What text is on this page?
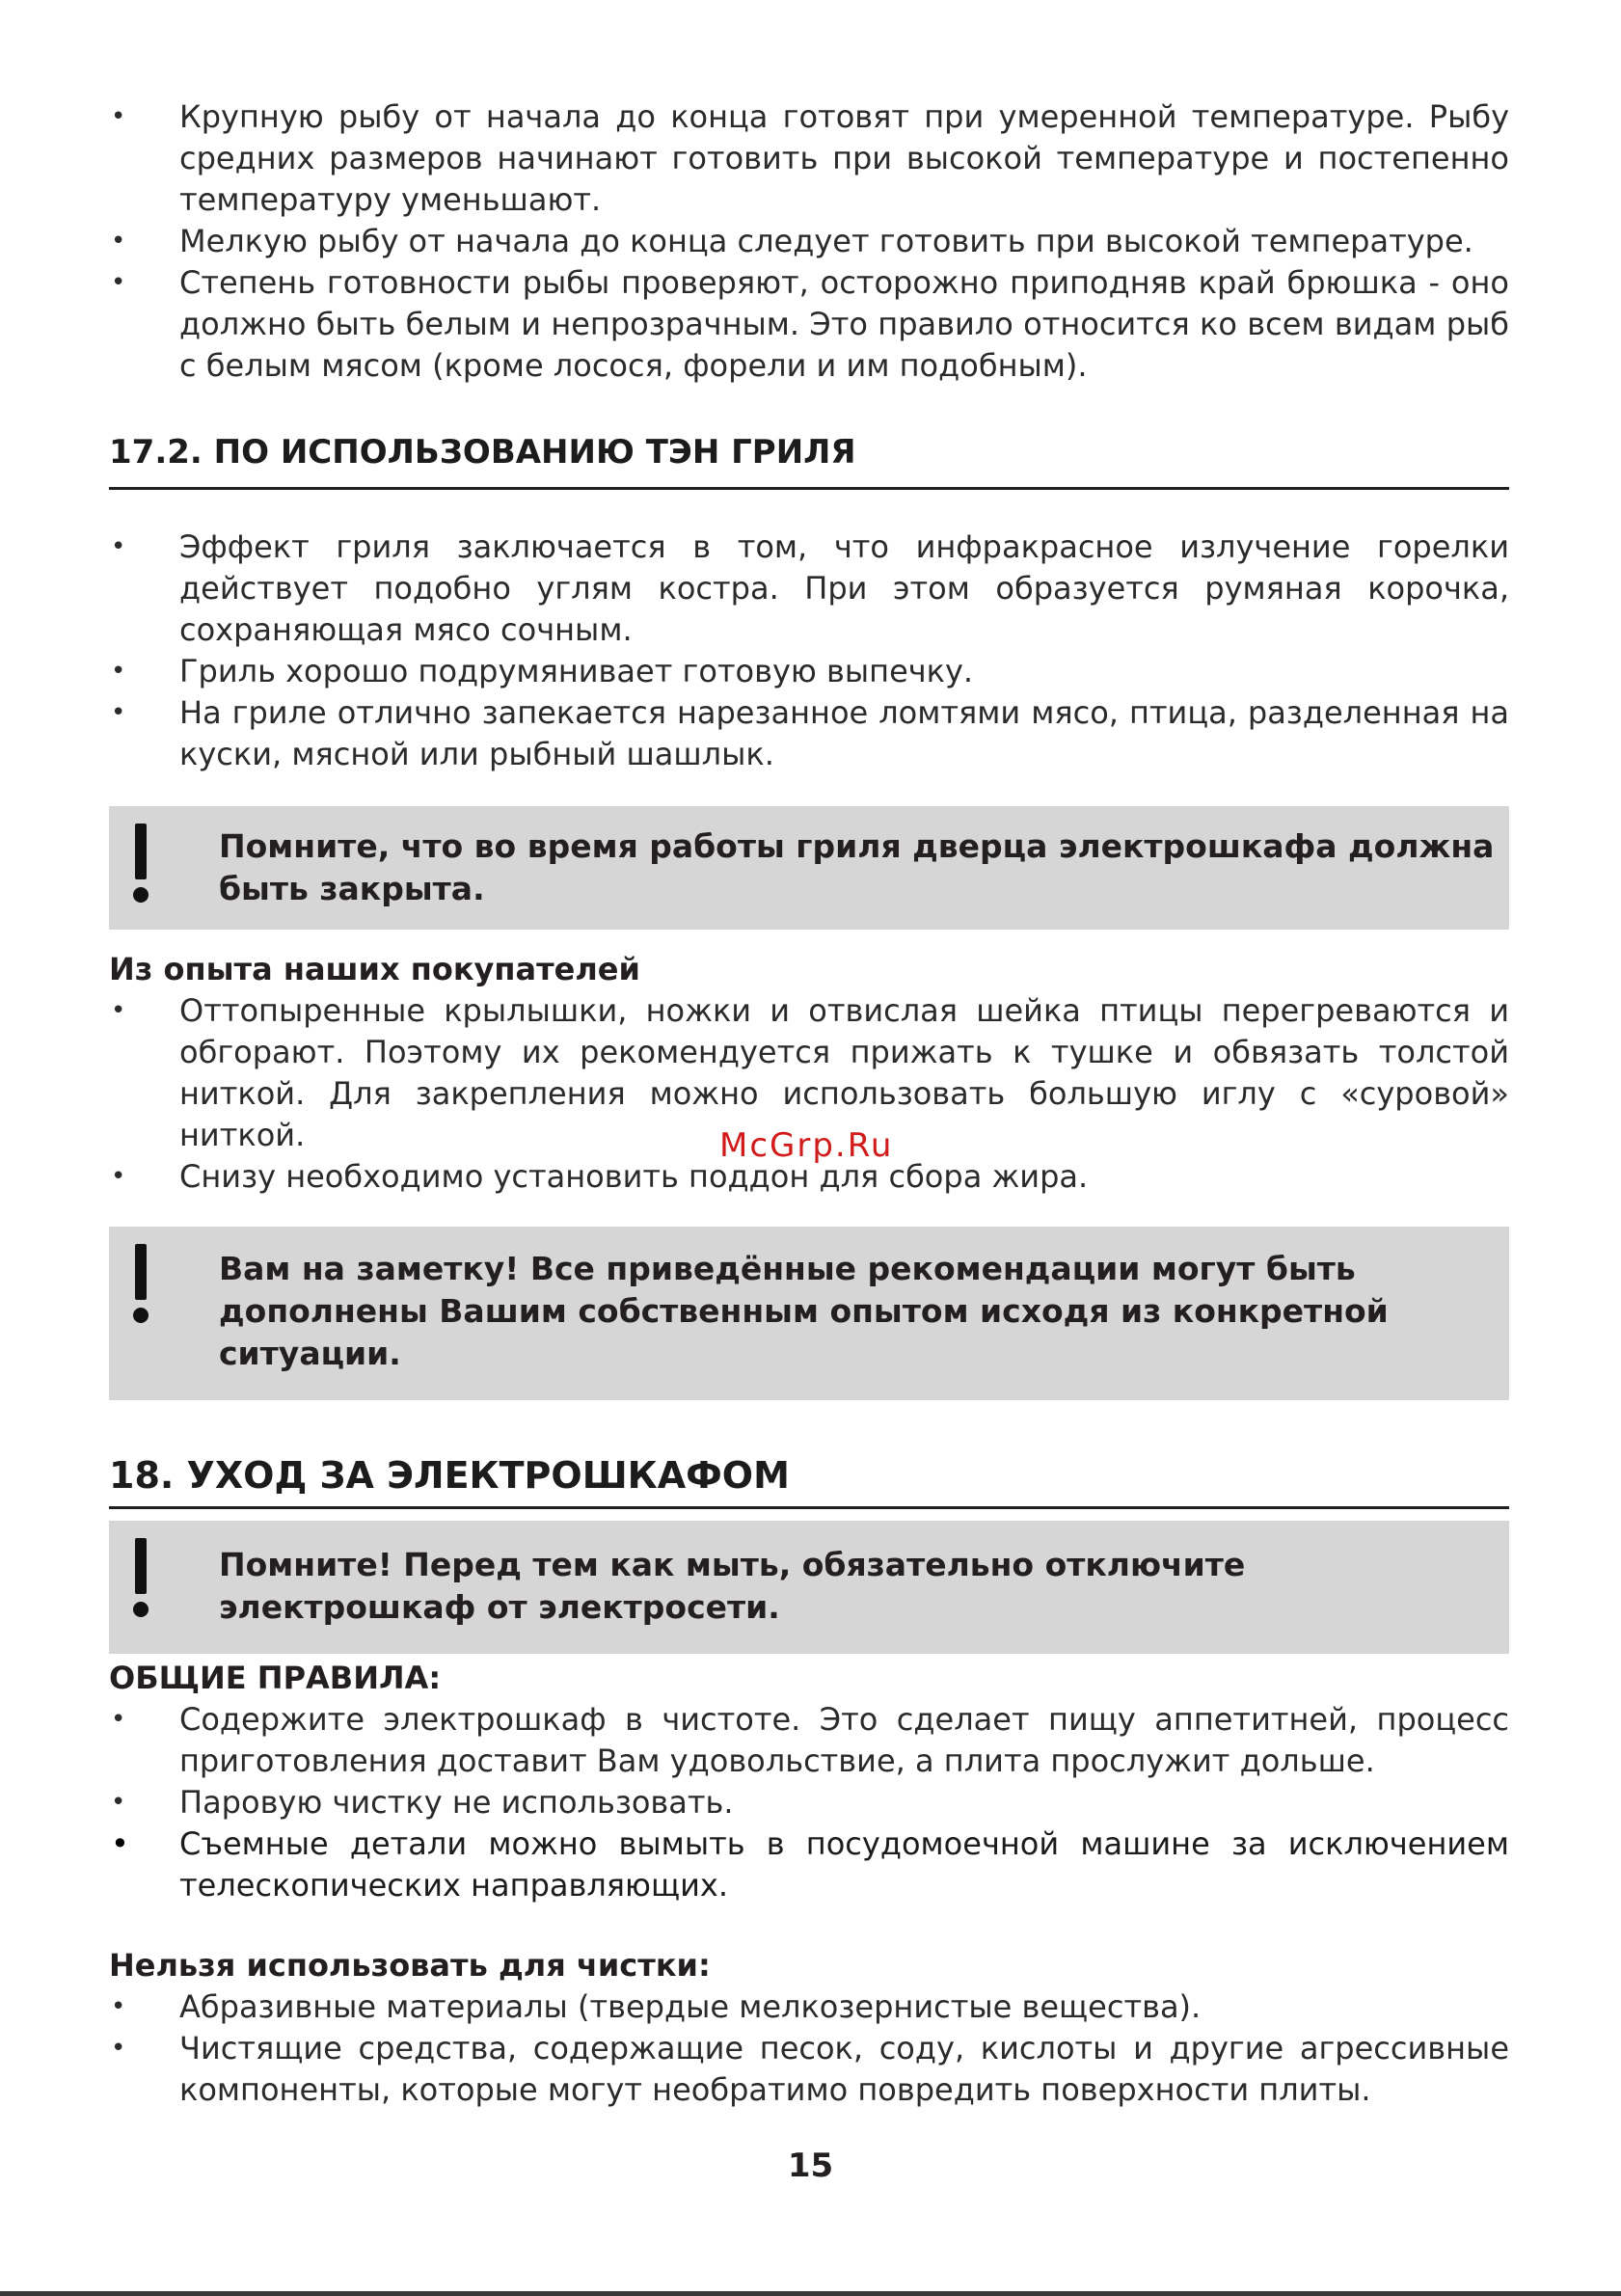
• Крупную рыбу от начала до конца готовят при умеренной температуре. Рыбу средних размеров начинают готовить при высокой температуре и постепенно температуру уменьшают.
• Мелкую рыбу от начала до конца следует готовить при высокой температуре.
• Степень готовности рыбы проверяют, осторожно приподняв край брюшка - оно должно быть белым и непрозрачным. Это правило относится ко всем видам рыб с белым мясом (кроме лосося, форели и им подобным).
17.2. ПО ИСПОЛЬЗОВАНИЮ ТЭН ГРИЛЯ
• Эффект гриля заключается в том, что инфракрасное излучение горелки действует подобно углям костра. При этом образуется румяная корочка, сохраняющая мясо сочным.
• Гриль хорошо подрумянивает готовую выпечку.
• На гриле отлично запекается нарезанное ломтями мясо, птица, разделенная на куски, мясной или рыбный шашлык.
Помните, что во время работы гриля дверца электрошкафа должна быть закрыта.
Из опыта наших покупателей
• Оттопыренные крылышки, ножки и отвислая шейка птицы перегреваются и обгорают. Поэтому их рекомендуется прижать к тушке и обвязать толстой ниткой. Для закрепления можно использовать большую иглу с «суровой» ниткой.
• Снизу необходимо установить поддон для сбора жира.
Вам на заметку! Все приведённые рекомендации могут быть дополнены Вашим собственным опытом исходя из конкретной ситуации.
18. УХОД ЗА ЭЛЕКТРОШКАФОМ
Помните! Перед тем как мыть, обязательно отключите электрошкаф от электросети.
ОБЩИЕ ПРАВИЛА:
• Содержите электрошкаф в чистоте. Это сделает пищу аппетитней, процесс приготовления доставит Вам удовольствие, а плита прослужит дольше.
• Паровую чистку не использовать.
• Съемные детали можно вымыть в посудомоечной машине за исключением телескопических направляющих.
Нельзя использовать для чистки:
• Абразивные материалы (твердые мелкозернистые вещества).
• Чистящие средства, содержащие песок, соду, кислоты и другие агрессивные компоненты, которые могут необратимо повредить поверхности плиты.
McGrp.Ru
15
